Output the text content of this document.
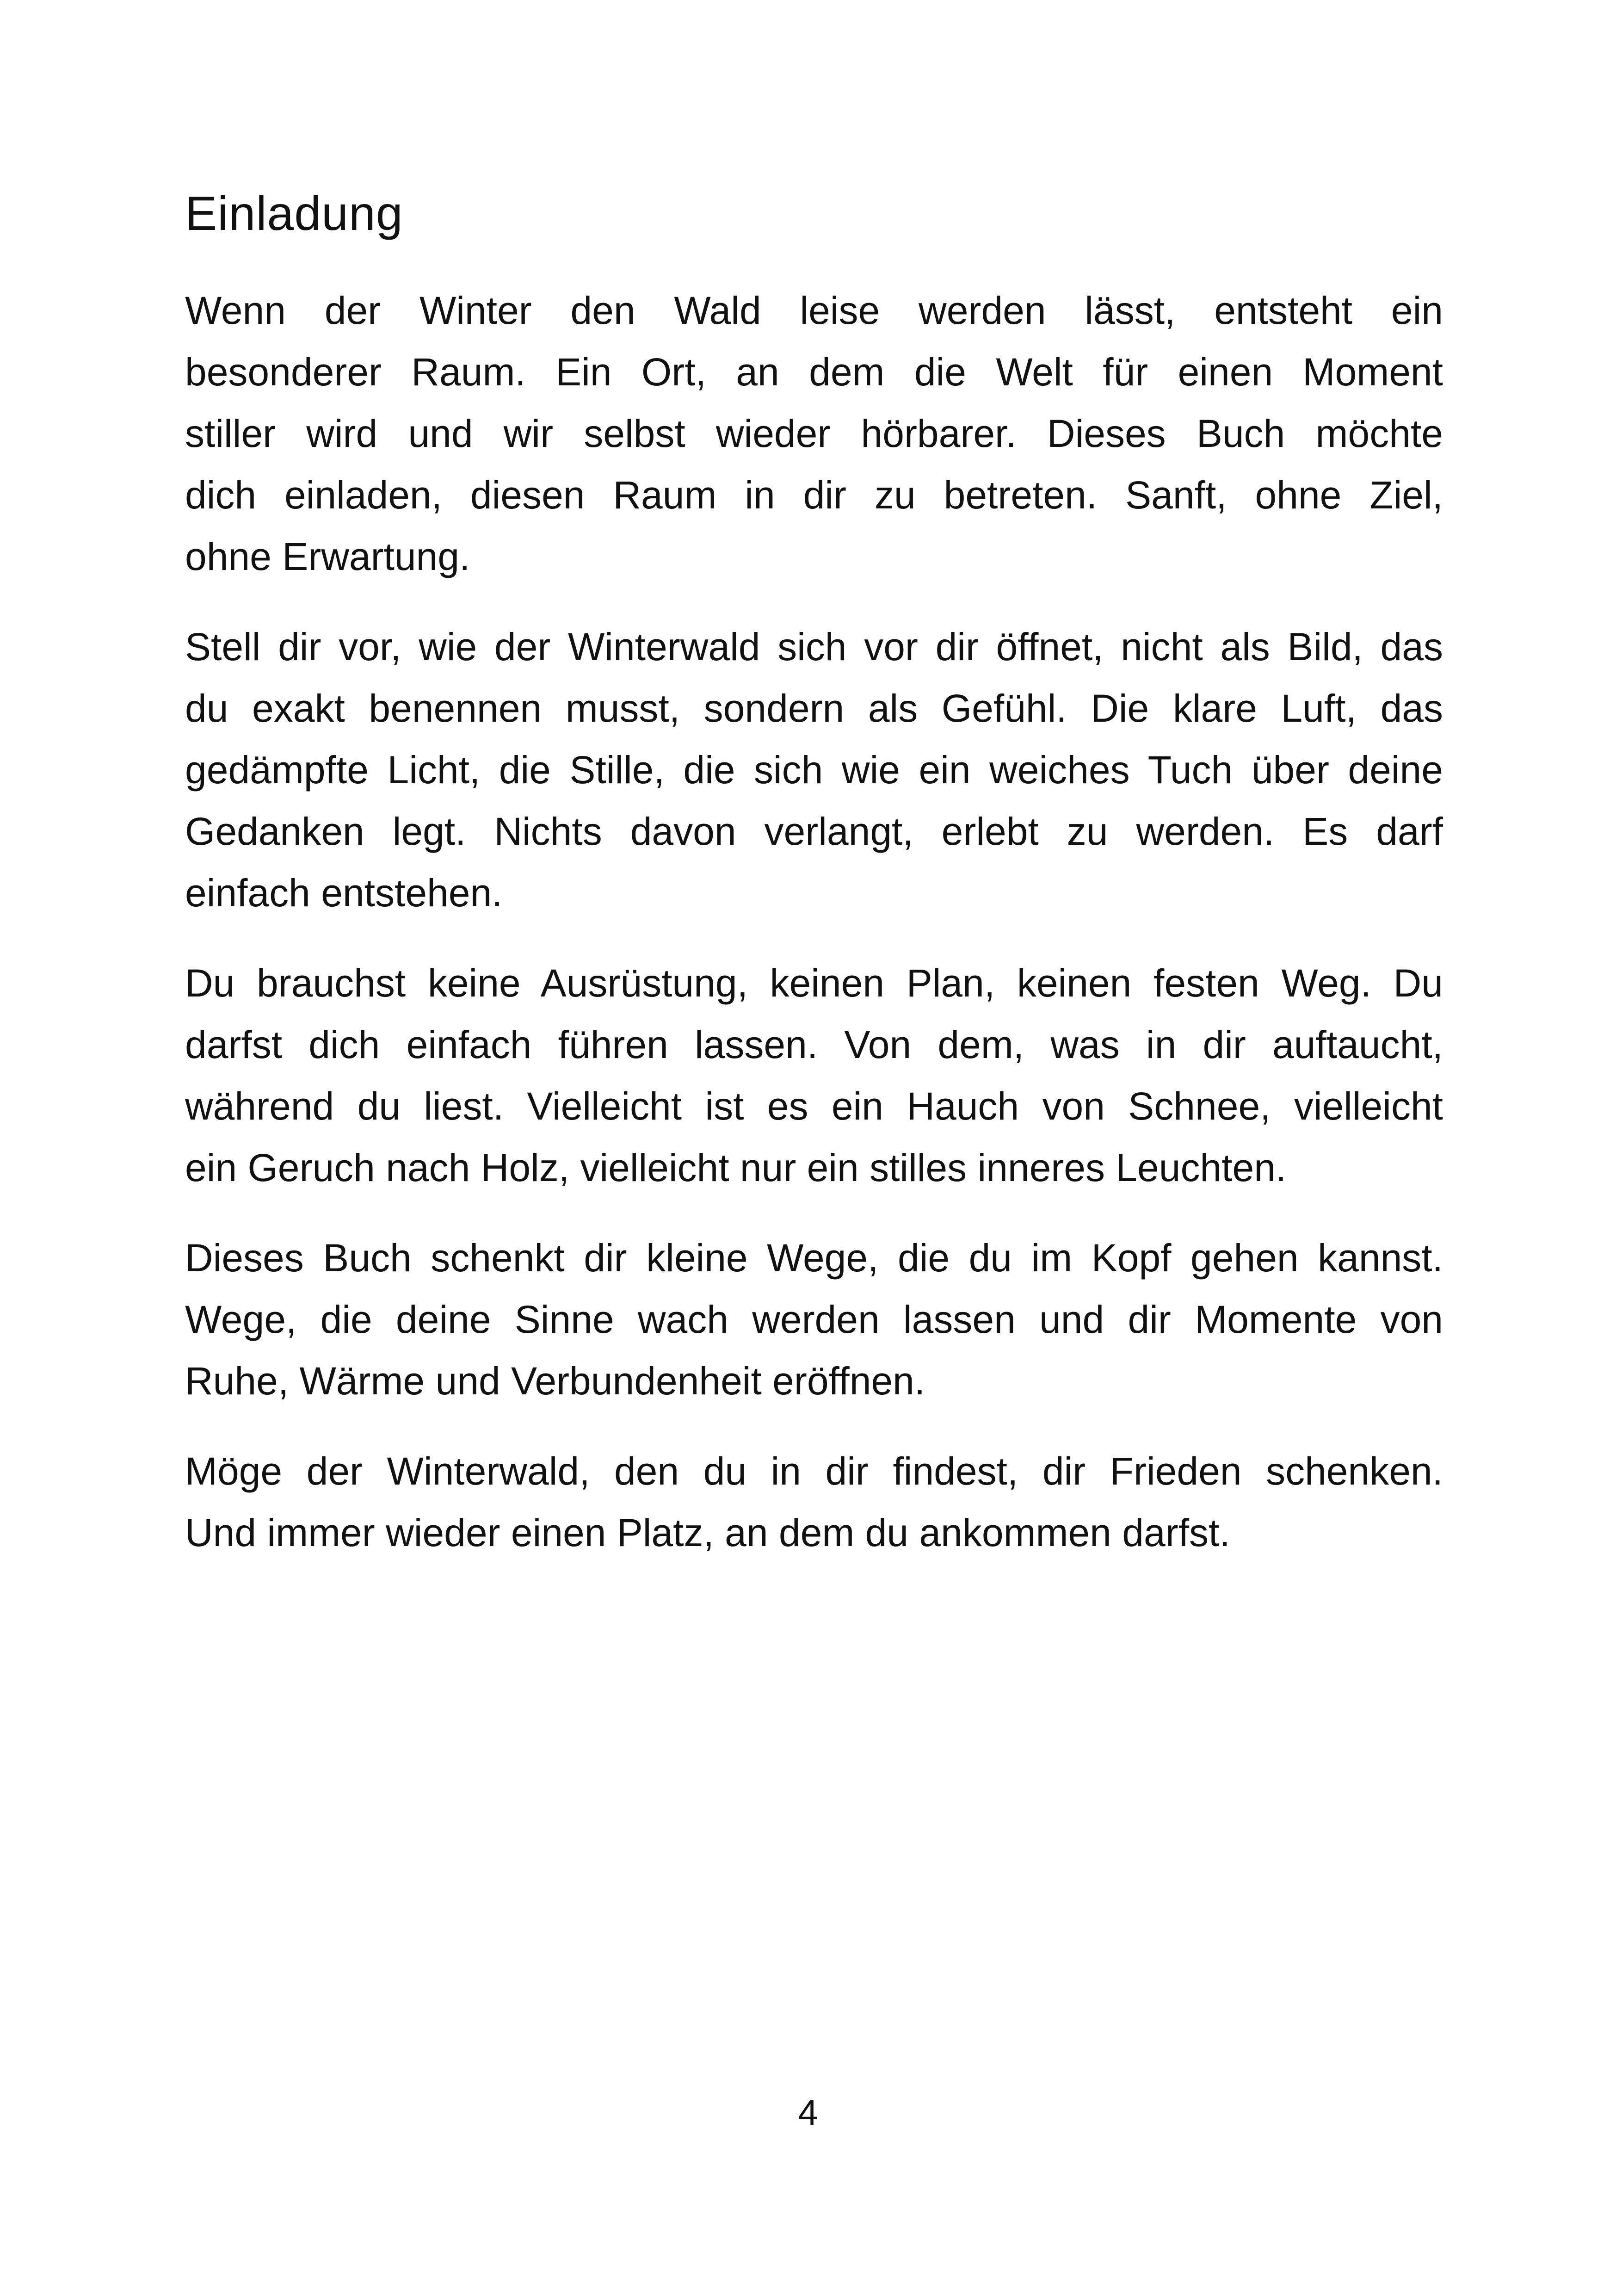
Einladung
Wenn der Winter den Wald leise werden lässt, entsteht ein
besonderer Raum. Ein Ort, an dem die Welt für einen Moment
stiller wird und wir selbst wieder hörbarer. Dieses Buch möchte
dich einladen, diesen Raum in dir zu betreten. Sanft, ohne Ziel,
ohne Erwartung.
Stell dir vor, wie der Winterwald sich vor dir öffnet, nicht als Bild, das
du exakt benennen musst, sondern als Gefühl. Die klare Luft, das
gedämpfte Licht, die Stille, die sich wie ein weiches Tuch über deine
Gedanken legt. Nichts davon verlangt, erlebt zu werden. Es darf
einfach entstehen.
Du brauchst keine Ausrüstung, keinen Plan, keinen festen Weg. Du
darfst dich einfach führen lassen. Von dem, was in dir auftaucht,
während du liest. Vielleicht ist es ein Hauch von Schnee, vielleicht
ein Geruch nach Holz, vielleicht nur ein stilles inneres Leuchten.
Dieses Buch schenkt dir kleine Wege, die du im Kopf gehen kannst.
Wege, die deine Sinne wach werden lassen und dir Momente von
Ruhe, Wärme und Verbundenheit eröffnen.
Möge der Winterwald, den du in dir findest, dir Frieden schenken.
Und immer wieder einen Platz, an dem du ankommen darfst.
4
